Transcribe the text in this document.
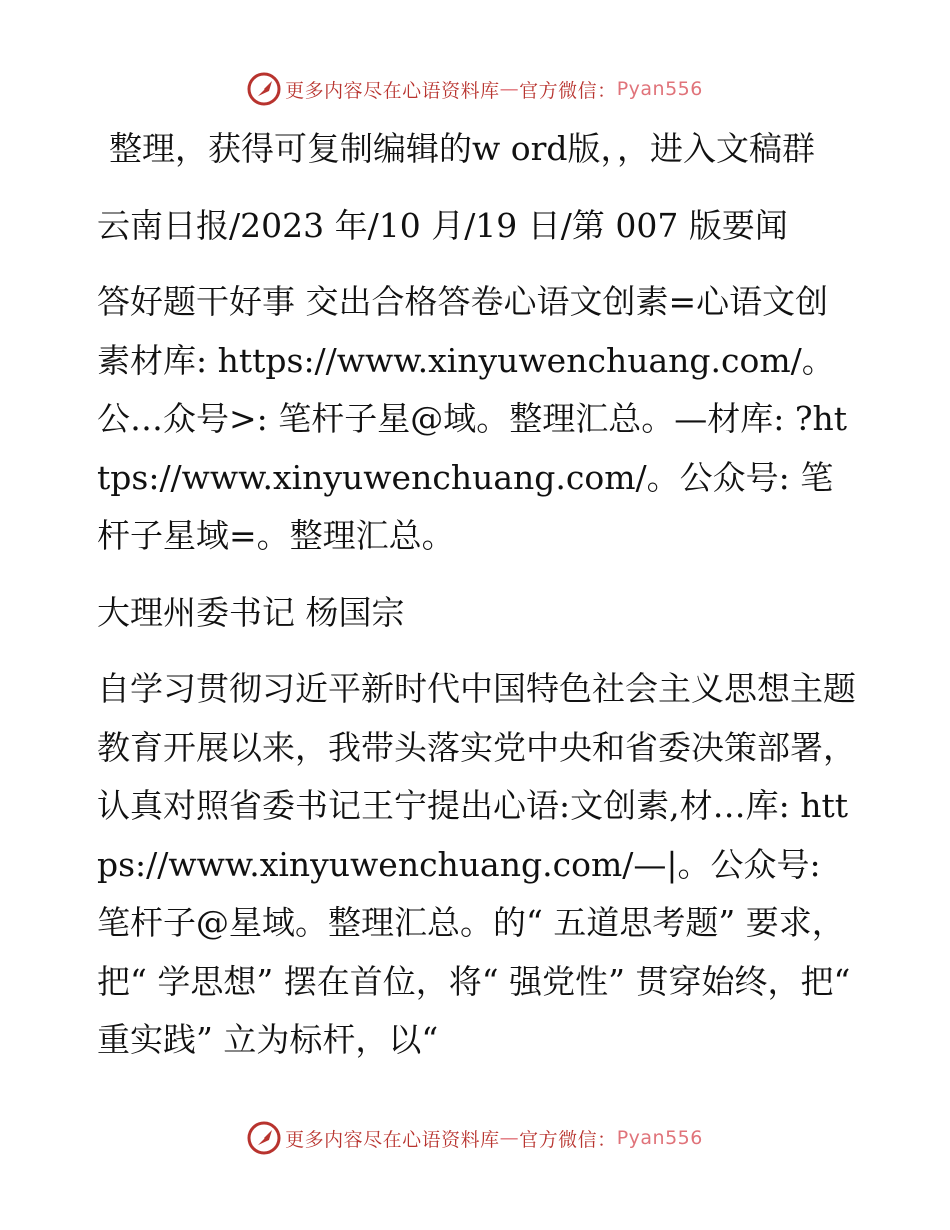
更多内容尽在心语资料库 — 官方微信： Pyan556

整理，获得可复制编辑的w ord版，，进入文稿群

云南日报/2023 年/10 月/19 日/第 007 版要闻

答好题干好事 交出合格答卷心语文创素=心语文创素材库: https://www.xinyuwenchuang.com/。公…众号>: 笔杆子星@域。整理汇总。—材库: ?https://www.xinyuwenchuang.com/。公众号: 笔杆子星域=。整理汇总。

大理州委书记 杨国宗

自学习贯彻习近平新时代中国特色社会主义思想主题教育开展以来，我带头落实党中央和省委决策部署，认真对照省委书记王宁提出心语:文创素,材…库: https://www.xinyuwenchuang.com/—|。公众号: 笔杆子@星域。整理汇总。的“ 五道思考题” 要求，把“ 学思想” 摆在首位，将“ 强党性” 贯穿始终，把“ 重实践” 立为标杆，以“

更多内容尽在心语资料库 — 官方微信： Pyan556
